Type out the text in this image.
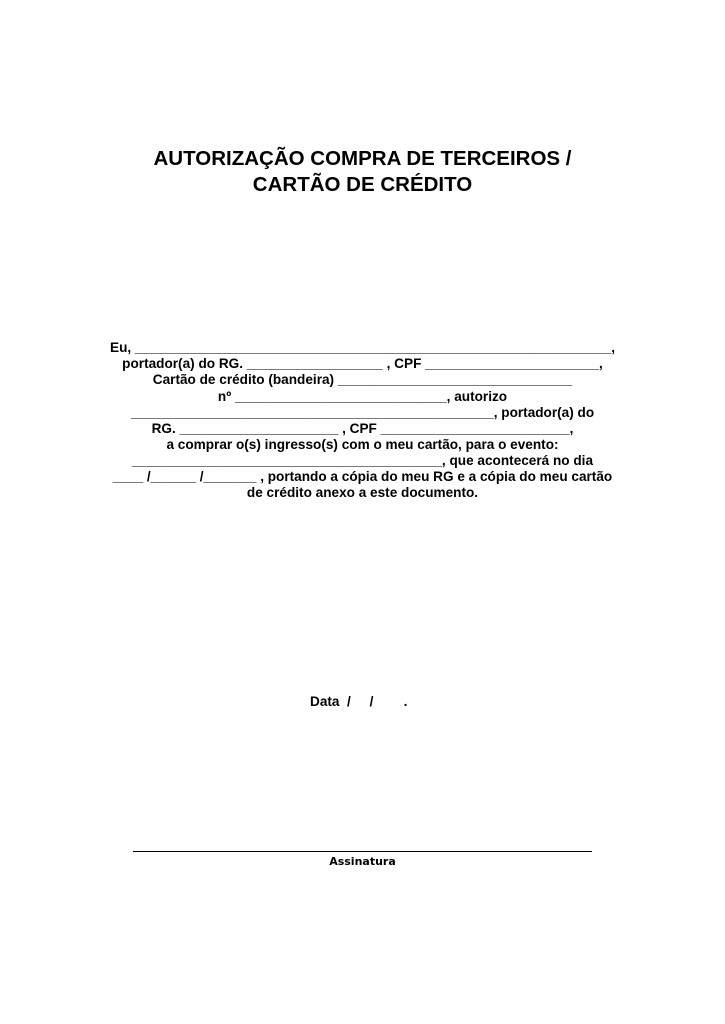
AUTORIZAÇÃO COMPRA DE TERCEIROS /
CARTÃO DE CRÉDITO
Eu, _______________________________________________________________,
portador(a) do RG. __________________ , CPF _______________________,
Cartão de crédito (bandeira) _______________________________
nº ____________________________, autorizo
________________________________________________, portador(a) do
RG. _____________________ , CPF _________________________,
a comprar o(s) ingresso(s) com o meu cartão, para o evento:
_________________________________________, que acontecerá no dia
____ /______ /_______ , portando a cópia do meu RG e a cópia do meu cartão
de crédito anexo a este documento.
Data  /     /        .
Assinatura
